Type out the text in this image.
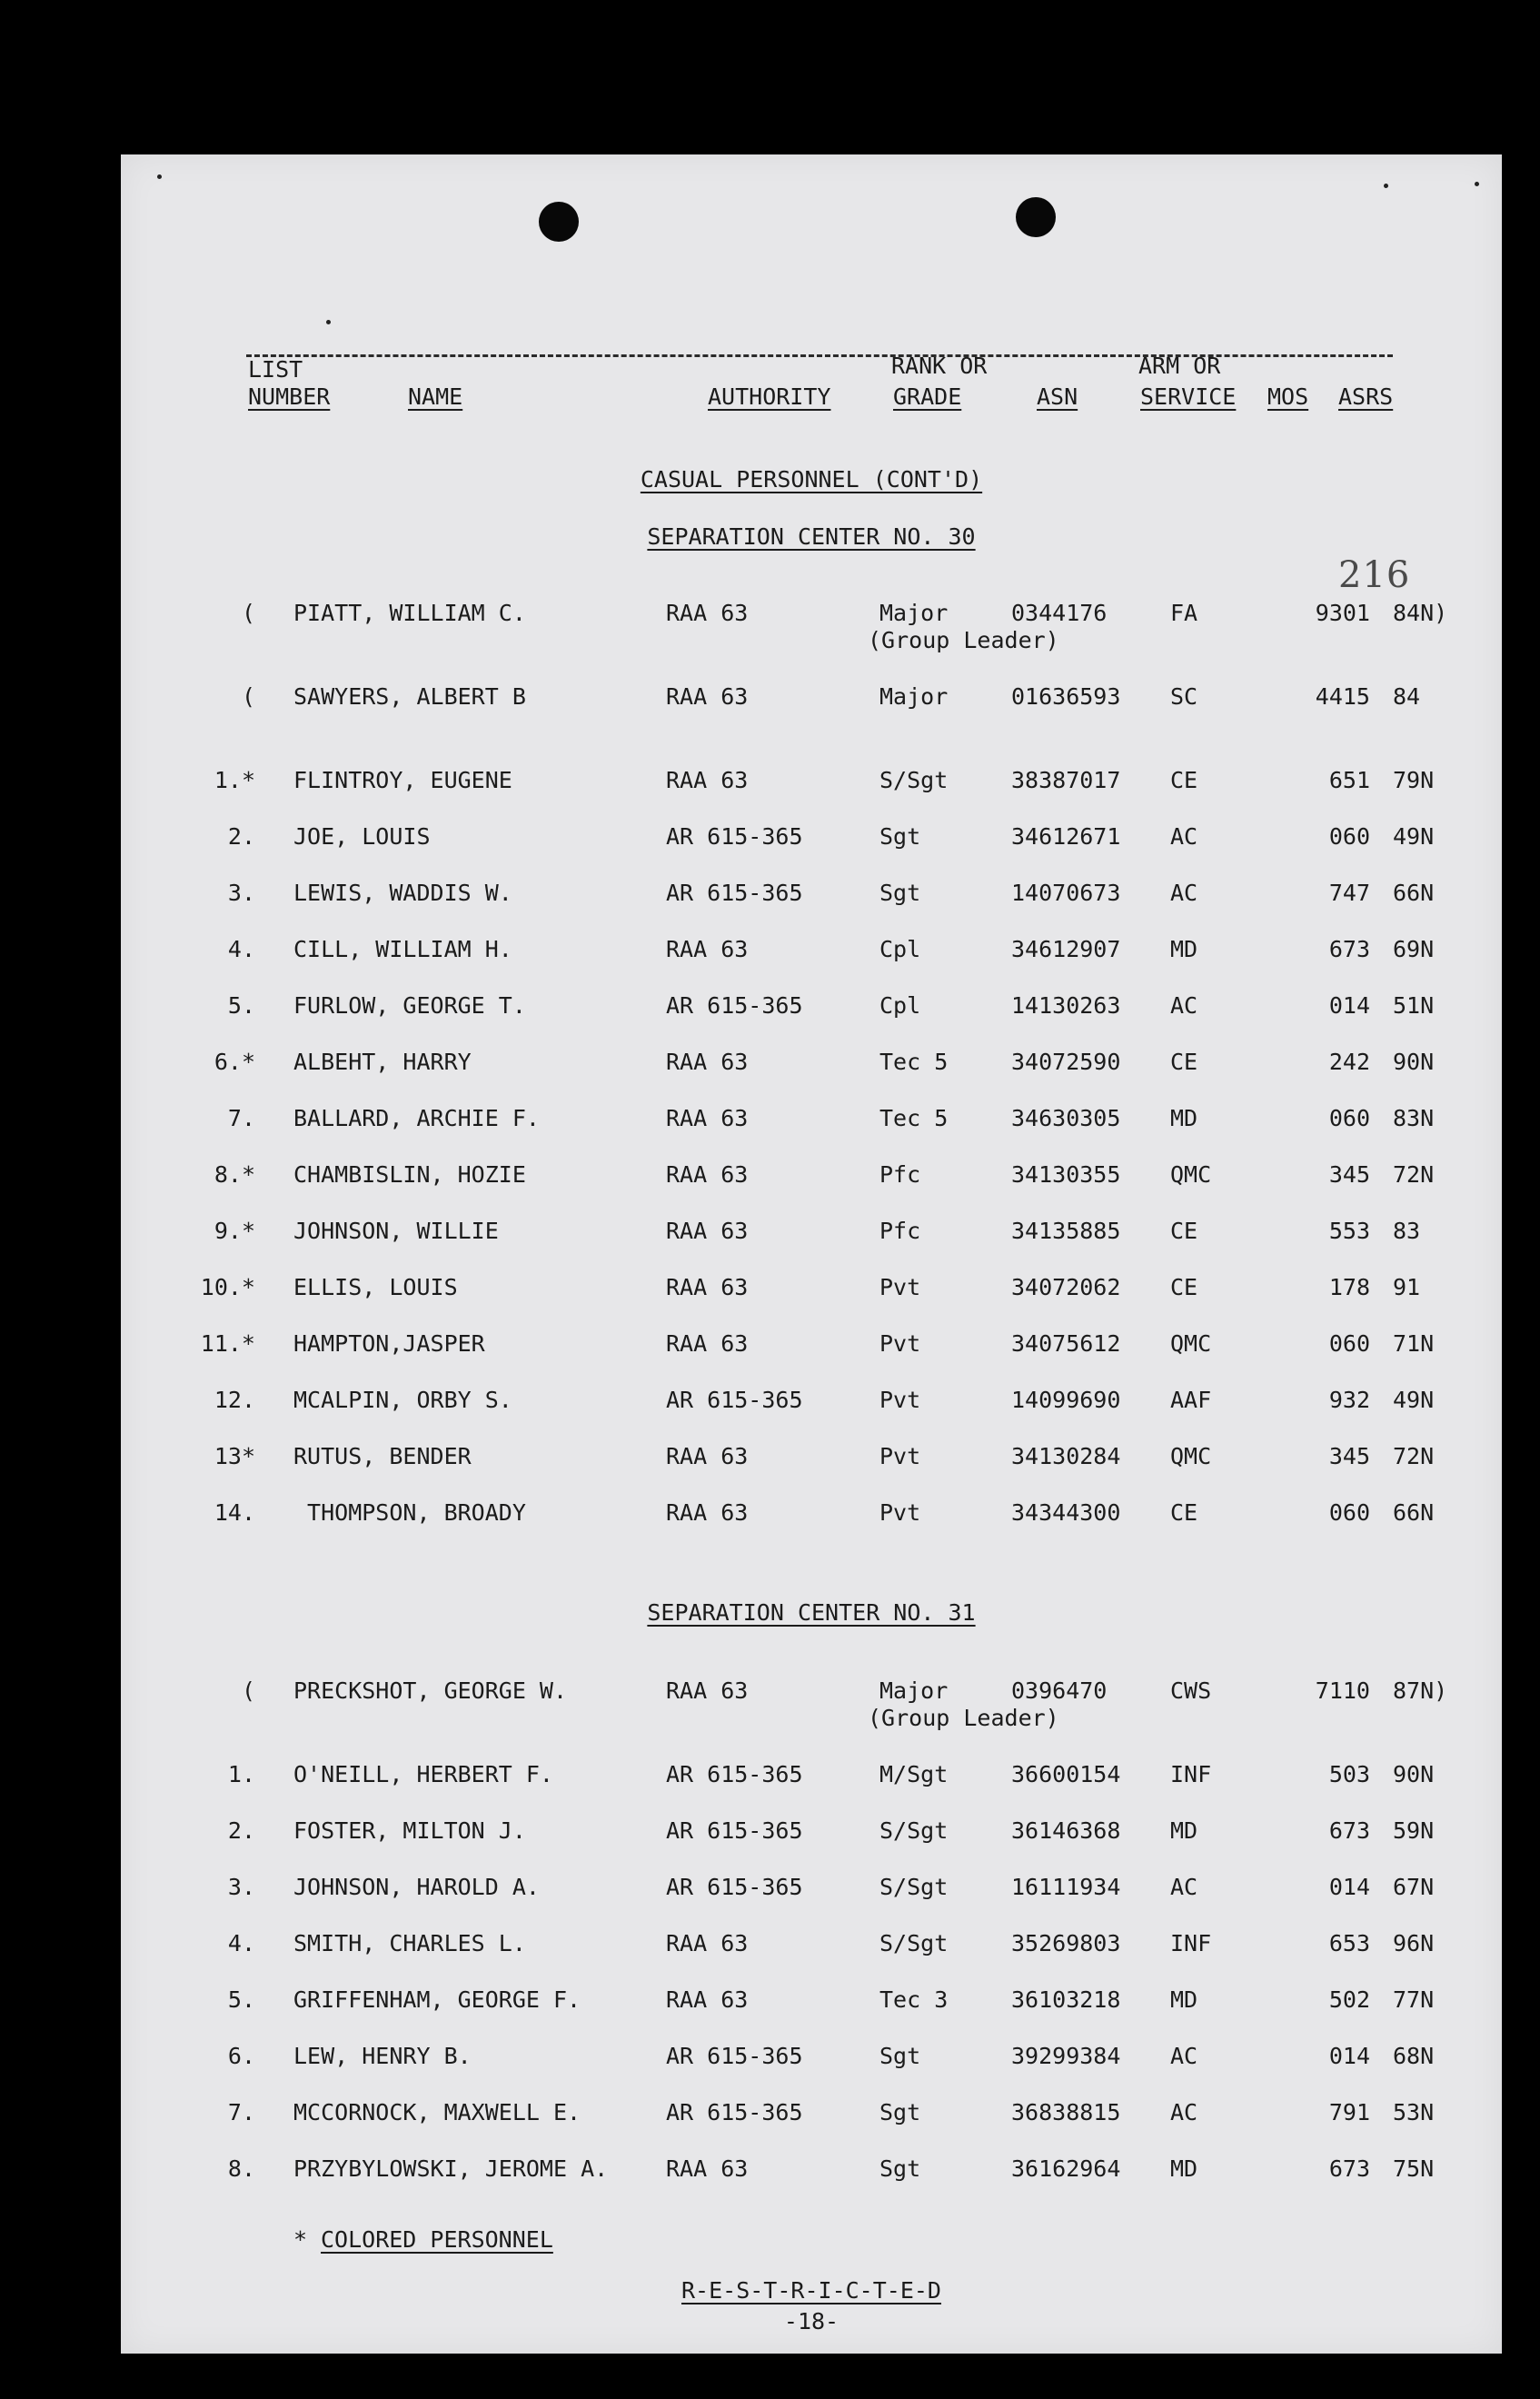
LIST	RANK OR	ARM OR
NUMBER	NAME	AUTHORITY	GRADE	ASN	SERVICE MOS ASRS
CASUAL PERSONNEL (CONT'D)
SEPARATION CENTER NO. 30
216
( PIATT, WILLIAM C.	RAA 63	Major	0344176	FA	9301 84N)
(Group Leader)
( SAWYERS, ALBERT B	RAA 63	Major	01636593 SC	4415 84
1.* FLINTROY, EUGENE	RAA 63	S/Sgt	38387017 CE	651 79N
2. JOE, LOUIS	AR 615-365	Sgt	34612671 AC	060 49N
3. LEWIS, WADDIS W.	AR 615-365	Sgt	14070673 AC	747 66N
4. CILL, WILLIAM H.	RAA 63	Cpl	34612907 MD	673 69N
5. FURLOW, GEORGE T.	AR 615-365	Cpl	14130263 AC	014 51N
6.* ALBEHT, HARRY	RAA 63	Tec 5	34072590 CE	242 90N
7. BALLARD, ARCHIE F.	RAA 63	Tec 5	34630305 MD	060 83N
8.* CHAMBISLIN, HOZIE	RAA 63	Pfc	34130355 QMC	345 72N
9.* JOHNSON, WILLIE	RAA 63	Pfc	34135885 CE	553 83
10.* ELLIS, LOUIS	RAA 63	Pvt	34072062 CE	178 91
11.* HAMPTON,JASPER	RAA 63	Pvt	34075612 QMC	060 71N
12. MCALPIN, ORBY S.	AR 615-365	Pvt	14099690 AAF	932 49N
13* RUTUS, BENDER	RAA 63	Pvt	34130284 QMC	345 72N
14. THOMPSON, BROADY	RAA 63	Pvt	34344300 CE	060 66N
SEPARATION CENTER NO. 31
( PRECKSHOT, GEORGE W.	RAA 63	Major	0396470	CWS	7110 87N)
(Group Leader)
1. O'NEILL, HERBERT F.	AR 615-365	M/Sgt	36600154 INF	503 90N
2. FOSTER, MILTON J.	AR 615-365	S/Sgt	36146368 MD	673 59N
3. JOHNSON, HAROLD A.	AR 615-365	S/Sgt	16111934 AC	014 67N
4. SMITH, CHARLES L.	RAA 63	S/Sgt	35269803 INF	653 96N
5. GRIFFENHAM, GEORGE F.	RAA 63	Tec 3	36103218 MD	502 77N
6. LEW, HENRY B.	AR 615-365	Sgt	39299384 AC	014 68N
7. MCCORNOCK, MAXWELL E.	AR 615-365	Sgt	36838815 AC	791 53N
8. PRZYBYLOWSKI, JEROME A.	RAA 63	Sgt	36162964 MD	673 75N
* COLORED PERSONNEL
R-E-S-T-R-I-C-T-E-D
-18-
